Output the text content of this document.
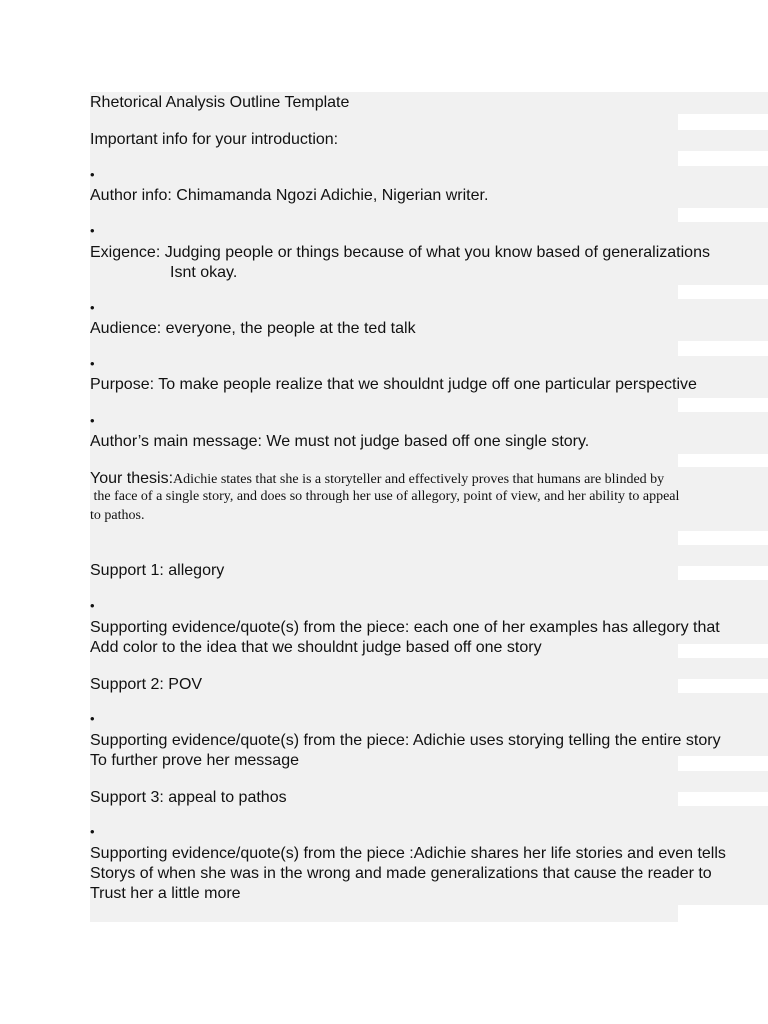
Rhetorical Analysis Outline Template
Important info for your introduction:
•
Author info: Chimamanda Ngozi Adichie, Nigerian writer.
•
Exigence: Judging people or things because of what you know based of generalizations
Isnt okay.
•
Audience: everyone, the people at the ted talk
•
Purpose: To make people realize that we shouldnt judge off one particular perspective
•
Author’s main message: We must not judge based off one single story.
Your thesis:Adichie states that she is a storyteller and effectively proves that humans are blinded by
the face of a single story, and does so through her use of allegory, point of view, and her ability to appeal
to pathos.
Support 1: allegory
•
Supporting evidence/quote(s) from the piece: each one of her examples has allegory that
Add color to the idea that we shouldnt judge based off one story
Support 2: POV
•
Supporting evidence/quote(s) from the piece: Adichie uses storying telling the entire story
To further prove her message
Support 3: appeal to pathos
•
Supporting evidence/quote(s) from the piece :Adichie shares her life stories and even tells
Storys of when she was in the wrong and made generalizations that cause the reader to
Trust her a little more
